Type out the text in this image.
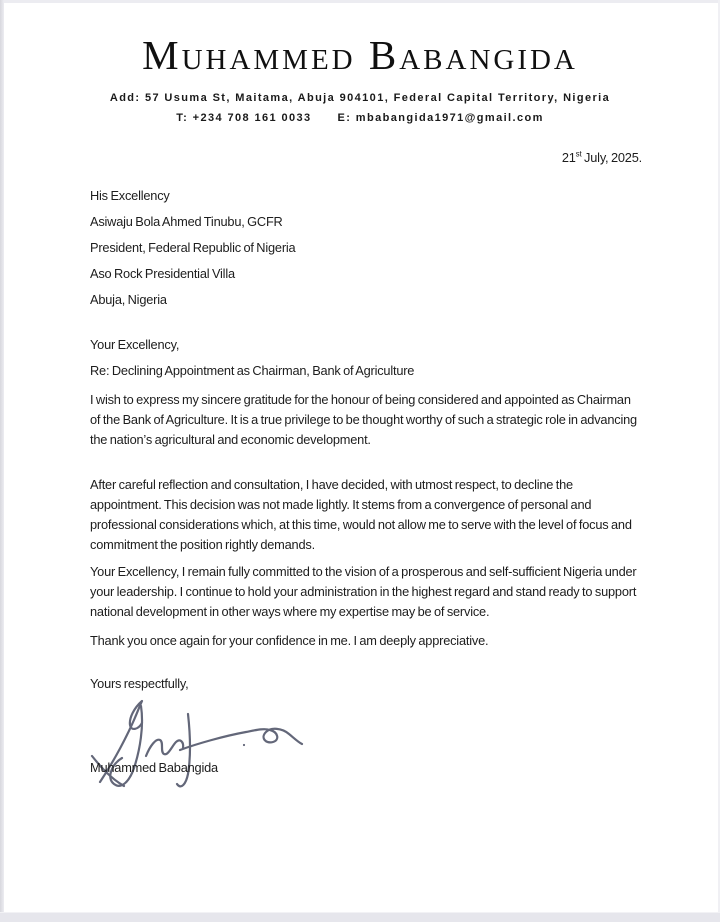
Muhammed Babangida
Add: 57 Usuma St, Maitama, Abuja 904101, Federal Capital Territory, Nigeria
T: +234 708 161 0033 E: mbabangida1971@gmail.com
21st July, 2025.
His Excellency
Asiwaju Bola Ahmed Tinubu, GCFR
President, Federal Republic of Nigeria
Aso Rock Presidential Villa
Abuja, Nigeria
Your Excellency,
Re: Declining Appointment as Chairman, Bank of Agriculture

I wish to express my sincere gratitude for the honour of being considered and appointed as Chairman of the Bank of Agriculture. It is a true privilege to be thought worthy of such a strategic role in advancing the nation’s agricultural and economic development.

After careful reflection and consultation, I have decided, with utmost respect, to decline the appointment. This decision was not made lightly. It stems from a convergence of personal and professional considerations which, at this time, would not allow me to serve with the level of focus and commitment the position rightly demands.

Your Excellency, I remain fully committed to the vision of a prosperous and self-sufficient Nigeria under your leadership. I continue to hold your administration in the highest regard and stand ready to support national development in other ways where my expertise may be of service.

Thank you once again for your confidence in me. I am deeply appreciative.

Yours respectfully,
Muhammed Babangida
